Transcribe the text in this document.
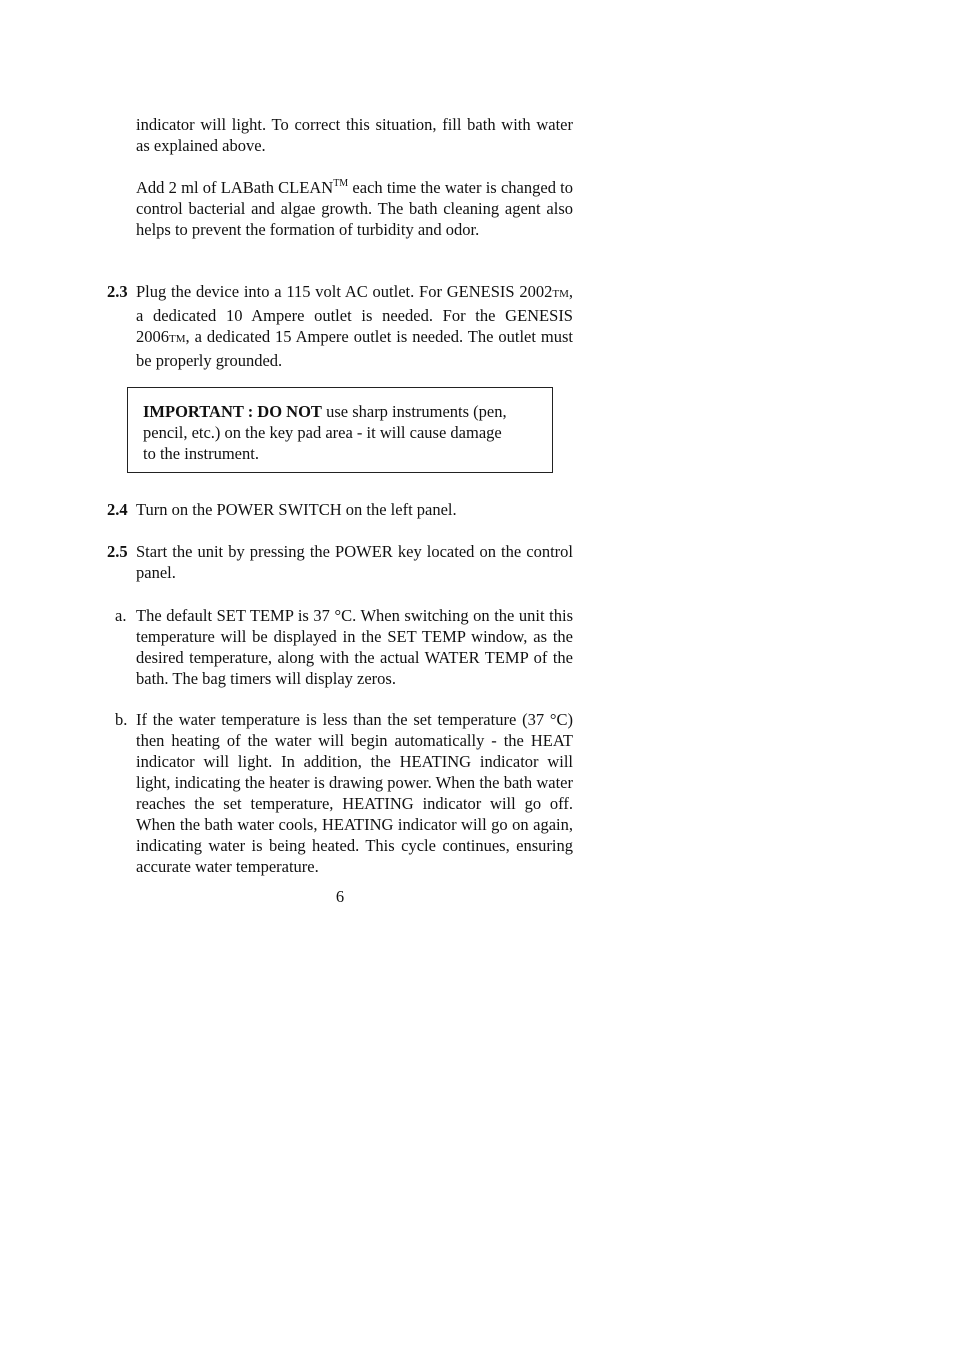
indicator will light. To correct this situation, fill bath with water as explained above.

Add 2 ml of LABath CLEAN™ each time the water is changed to control bacterial and algae growth. The bath cleaning agent also helps to prevent the formation of turbidity and odor.

2.3 Plug the device into a 115 volt AC outlet. For GENESIS 2002TM, a dedicated 10 Ampere outlet is needed. For the GENESIS 2006TM, a dedicated 15 Ampere outlet is needed. The outlet must be properly grounded.

IMPORTANT : DO NOT use sharp instruments (pen,
pencil, etc.) on the key pad area - it will cause damage
to the instrument.
2.4 Turn on the POWER SWITCH on the left panel.

2.5 Start the unit by pressing the POWER key located on the control panel.

a. The default SET TEMP is 37 °C. When switching on the unit this temperature will be displayed in the SET TEMP window, as the desired temperature, along with the actual WATER TEMP of the bath. The bag timers will display zeros.

b. If the water temperature is less than the set temperature (37 °C) then heating of the water will begin automatically - the HEAT indicator will light. In addition, the HEATING indicator will light, indicating the heater is drawing power. When the bath water reaches the set temperature, HEATING indicator will go off. When the bath water cools, HEATING indicator will go on again, indicating water is being heated. This cycle continues, ensuring accurate water temperature.

6
